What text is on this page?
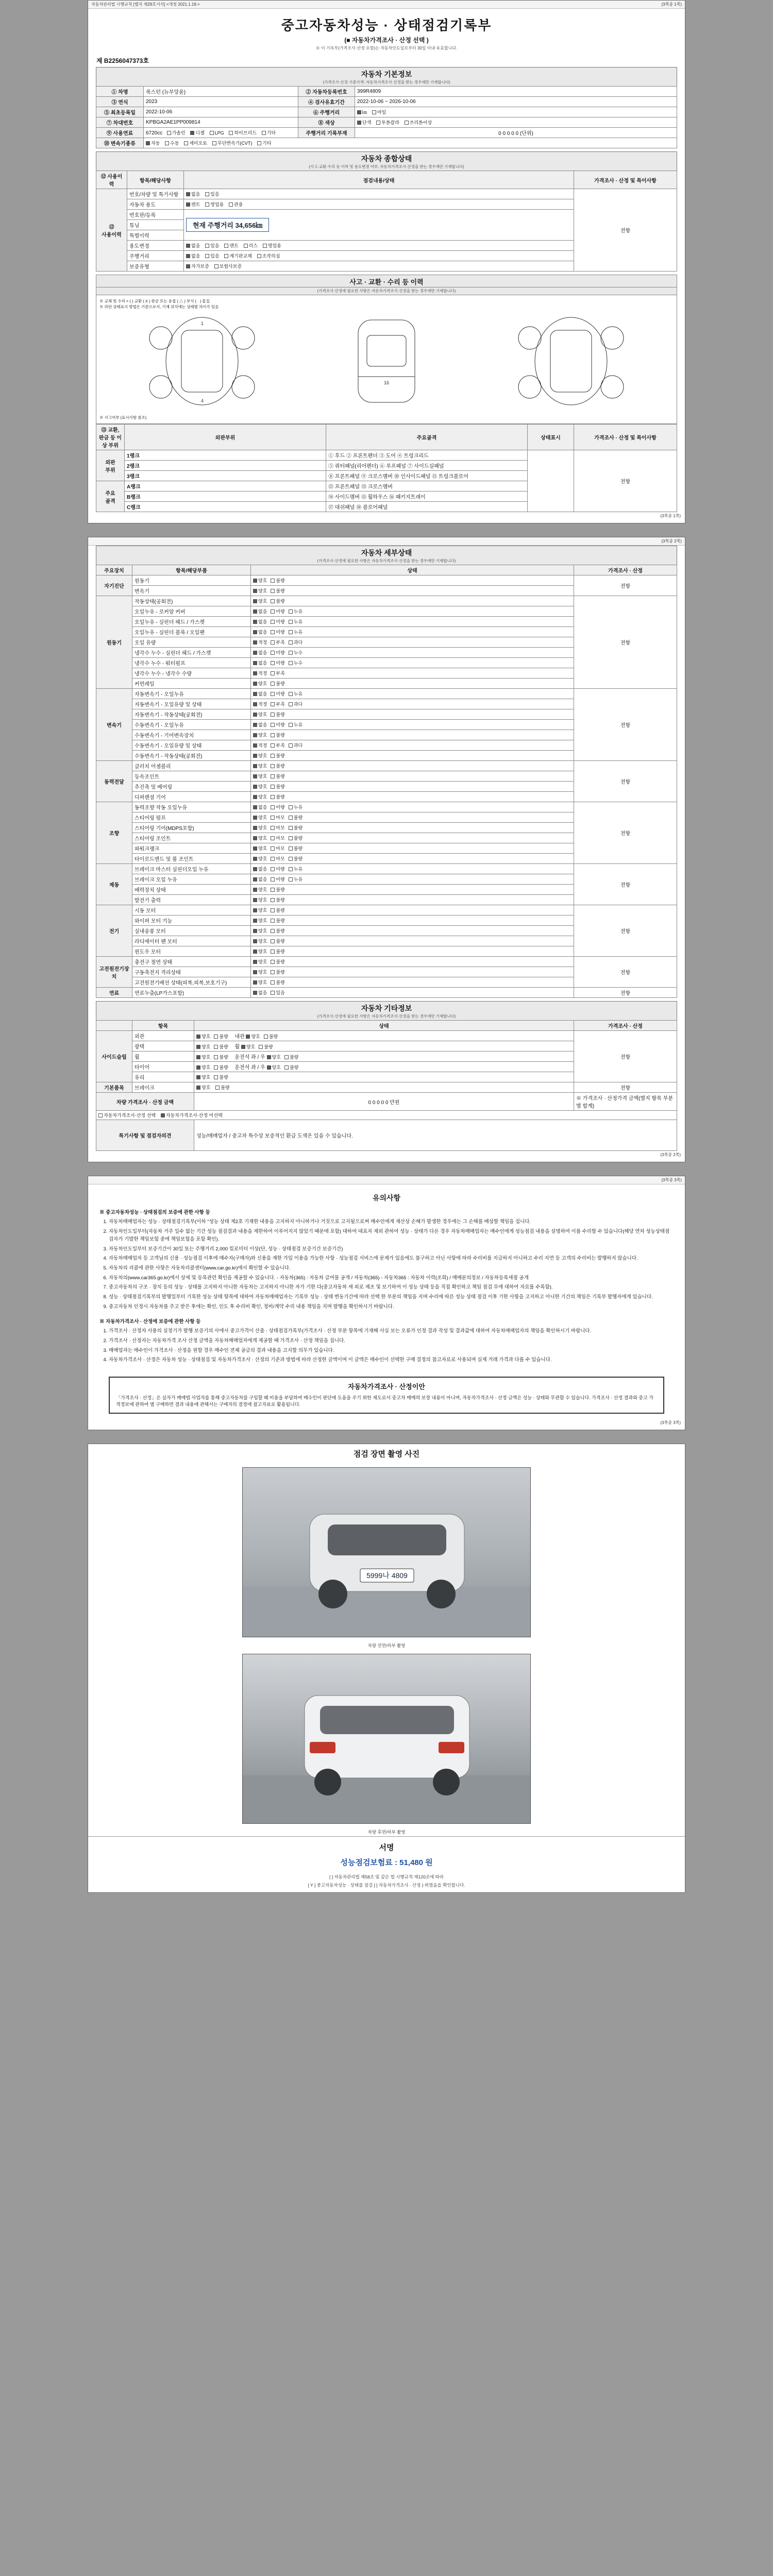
자동차관리법 시행규칙 [별지 제29호서식] <개정 2021.1.19.>	(3쪽중 1쪽)
중고자동차성능 · 상태점검기록부
(■ 자동차가격조사 · 산정 선택 )
※ 이 기록부(가격조사·산정 포함)는 자동차인도일로부터 30일 이내 유효합니다.
제 B2256047373호
자동차 기본정보
(가격조사·산정 기준가격: 자동차가격조사·산정을 받는 경우에만 기재합니다)
① 차명	록스턴 (뉴부앙윤)	② 자동차등록번호	399R4809
③ 연식	2023	④ 검사유효기간	2022-10-06 ~ 2026-10-06
⑤ 최초등록일	2022-10-06	⑥ 주행거리	㎞ 마일
⑦ 차대번호	KPBGA2AE1PP009814	⑧ 색상	단색 투톤칼라 쓰리톤이상
⑨ 사용연료	6720cc 가솔린 디젤 LPG 하이브리드 기타	주행거리 기록부재	0 0 0 0 0 (단위)
⑩ 변속기종류	자동 수동 세미오토 무단변속기(CVT) 기타		
자동차 종합상태
(사고·교환·수리 등 이력 및 용도변경 여부, 자동차가격조사·산정을 받는 경우에만 기재합니다)
⑫ 사용이력	항목/해당사항	점검내용/상태	가격조사 · 산정 및 특이사항
⑫
사용이력	번호/차량 및 특기사항	없음 있음	전항
	자동차 용도	렌트 영업용 관용	
	번호판/등록	현재 주행거리 34,656㎞	
	튜닝		
	특별이력		
	용도변경	없음 있음 렌트 리스 영업용	
	주행거리	없음 있음 계기판교체 조작의심	
	보증유형	자가보증 보험사보증	
사고 · 교환 · 수리 등 이력
(가격조사·산정에 필요한 사항은 자동차가격조사·산정을 받는 경우에만 기재합니다)
※ 교체 및 수리 = ( ) 교환 ( X ) 판금 또는 용접 ( △ ) 부식 ( · ) 흠집
※ 하단 상태표시 방법은 기준으로서, 기재 위치에는 상태별 차이가 있음
1
4
16
※ 사고여부 (표시사항 참조)
⑬ 교환, 판금 등 이상 부위	외판부위	주요골격	상태표시	가격조사 · 산정 및 특이사항
외판
부위	1랭크	① 후드 ② 프론트펜더 ③ 도어 ④ 트렁크리드		전항
	2랭크	⑤ 쿼터패널(리어펜더) ⑥ 루프패널 ⑦ 사이드실패널		
	3랭크	⑧ 프론트패널 ⑨ 크로스멤버 ⑩ 인사이드패널 ⑪ 트렁크플로어		
주요
골격	A랭크	⑫ 프론트패널 ⑬ 크로스멤버		
	B랭크	⑭ 사이드멤버 ⑮ 휠하우스 ⑯ 패키지트레이		
	C랭크	⑰ 대쉬패널 ⑱ 플로어패널		
(3쪽중 1쪽)
(3쪽중 2쪽)
자동차 세부상태
(가격조사·산정에 필요한 사항은 자동차가격조사·산정을 받는 경우에만 기재합니다)
주요장치	항목/해당부품	상태	가격조사 · 산정
자기진단	원동기	양호 불량	전항
	변속기	양호 불량	
원동기	작동상태(공회전)	양호 불량	전항
	오일누유 - 로커암 커버	없음 미량 누유	
	오일누유 - 실린더 헤드 / 가스켓	없음 미량 누유	
	오일누유 - 실린더 블록 / 오일팬	없음 미량 누유	
	오일 유량	적정 부족 과다	
	냉각수 누수 - 실린더 헤드 / 가스켓	없음 미량 누수	
	냉각수 누수 - 워터펌프	없음 미량 누수	
	냉각수 누수 - 냉각수 수량	적정 부족	
	커먼레일	양호 불량	
변속기	자동변속기 - 오일누유	없음 미량 누유	전항
	자동변속기 - 오일유량 및 상태	적정 부족 과다	
	자동변속기 - 작동상태(공회전)	양호 불량	
	수동변속기 - 오일누유	없음 미량 누유	
	수동변속기 - 기어변속장치	양호 불량	
	수동변속기 - 오일유량 및 상태	적정 부족 과다	
	수동변속기 - 작동상태(공회전)	양호 불량	
동력전달	클러치 어셈블리	양호 불량	전항
	등속조인트	양호 불량	
	추진축 및 베어링	양호 불량	
	디퍼렌셜 기어	양호 불량	
조향	동력조향 작동 오일누유	없음 미량 누유	전항
	스티어링 펌프	양호 마모 불량	
	스티어링 기어(MDPS포함)	양호 마모 불량	
	스티어링 조인트	양호 마모 불량	
	파워크랭크	양호 마모 불량	
	타이로드엔드 및 볼 조인트	양호 마모 불량	
제동	브레이크 마스터 실린더오일 누유	없음 미량 누유	전항
	브레이크 오일 누유	없음 미량 누유	
	배력장치 상태	양호 불량	
	발전기 출력	양호 불량	
전기	시동 모터	양호 불량	전항
	와이퍼 모터 기능	양호 불량	
	실내송풍 모터	양호 불량	
	라디에이터 팬 모터	양호 불량	
	윈도우 모터	양호 불량	
고전원전기장치	충전구 절연 상태	양호 불량	전항
	구동축전지 격리상태	양호 불량	
	고전원전기배선 상태(피복,피복,보호기구)	양호 불량	
연료	연료누출(LP가스포함)	없음 있음	전항
자동차 기타정보
(가격조사·산정에 필요한 사항은 자동차가격조사·산정을 받는 경우에만 기재합니다)
	항목	상태	가격조사 · 산정
사이드슬립	외관	양호 불량 내관 양호 불량	전항
	광택	양호 불량 휠 양호 불량	
	휠	양호 불량 운전석 좌 / 우 양호 불량	
	타이어	양호 불량 운전석 좌 / 우 양호 불량	
	유리	양호 불량	
기본품목	브레이크	양호 불량	전항
차량 가격조사 · 산정 금액		0 0 0 0 0 만원	※ 가격조사 · 산정가격 금액(별지 항목 부분별 합계)
자동차가격조사·산정 선택 자동차가격조사·산정 미선택			
특기사항 및 점검자의견		성능/매매업자 / 중고차 특수상 보증적인 환급 도색은 있을 수 있습니다.	
(3쪽중 2쪽)
(3쪽중 3쪽)
유의사항

※ 중고자동차성능 · 상태점검의 보증에 관한 사항 등

1. 자동차매매업자는 성능 · 상태점검기록부(이하 "성능 상태 제2호 기재한 내용을 고지하지 아니하거나 거짓으로 고지될으로써 매수인에게 재산상 손해가 발생한 경우에는 그 손해를 배상할 책임을 집니다.
2. 자동차인도일부터(자동차 거주 일수 없는 기간 성능 점검결과 내용을 제한하여 이루어지지 않았기 때문에 포함) 대하여 대표자 제외 관하여 성능 · 상태가 다른 경우 자동차매매업자는 매수인에게 성능점검 내용을 설명하여 이를 수리할 수 있습니다(해당 연차 성능상태점검자가 기발한 책임보험 중에 책임보험을 포함 확인).
3. 자동차인도일부터 보증기간이 30일 또는 주행거리 2,000 킬로미터 이상(단, 성능 · 상태점검 보증기간 보증기간)
4. 자동차매매업자 등 고객님의 신용 · 성능점검 이후에 매수자(구매자)와 신용을 제한 가입 이용을 가능한 사항 · 성능점검 서비스에 문제가 있음에도 불구하고 아닌 사항에 따라 수리비를 지급하지 아니하고 수리 지연 등 고객의 수리비는 발행하지 않습니다.
5. 자동차의 리콜에 관한 사항은 자동차리콜센터(www.car.go.kr)에서 확인할 수 있습니다.
6. 자동차의(www.car365.go.kr)에서 상세 및 등록관련 확인을 제공할 수 있습니다. - 자동차(365) : 자동차 급여물 공개 / 자동차(365) - 자동차365 : 자동차 이력(조회) / 매매문의정보 / 자동차등록세점 공개
7. 중고자동차의 구조 · 장치 등의 성능 · 상태를 고지하지 아니한 자동차는 고지하지 아니한 자가 기한 다(중고자동차 세 외로 제조 및 보기하여 이 성능 상태 등을 직접 확인하고 책임 점검 무에 대하여 자료를 수록함).
8. 성능 · 상태점검기록부의 발행일부터 기록한 성능 상태 항목에 대하여 자동차매매업자는 기록부 성능 · 상태 변동기간에 따라 선택 한 부분의 책임을 지며 수리에 따른 성능 상태 점검 이후 기한 사항을 고지하고 아니한 기간의 책임은 기록부 발행자에게 있습니다.
9. 중고자동차 인정시 자동차를 주고 받은 후에는 확인, 인도 후 수리비 확인, 정비/계약 수리 내용 책임을 지며 발행을 확인하시기 바랍니다.

※ 자동차가격조사 · 산정에 보증에 관한 사항 등

1. 가격조사 · 산정자 사용의 실정기가 발행 보증기의 사에서 중고가격이 산출 · 상태점검가록부(가격조사 · 산정 부분 항목에 기재해 사실 보는 오류가 인정 결과 작성 및 결과값에 대하여 자동차매매업자의 책임을 확인하시기 바랍니다.
2. 가격조사 · 산정자는 자동차가격 조사 산정 금액을 자동차매매업자에게 제공할 때 가격조사 · 산정 책임을 집니다.
3. 매매업자는 매수인이 가격조사 · 산정을 원할 경우 매수인 전체 공급의 결과 내용을 고지할 의무가 있습니다.
4. 자동차가격조사 · 산정은 자동차 성능 · 상태점검 및 자동차가격조사 · 산정의 기준과 방법에 따라 산정한 금액이며 이 금액은 매수인이 선택한 구매 결정의 참고자료로 사용되며 실제 거래 가격과 다를 수 있습니다.
자동차가격조사 · 산정이안
「가격조사 · 산정」은 실자가 매매법 사업자를 통해 중고자동차를 구입할 때 비용을 부담하여 매수인이 판단에 도움을 주기 위한 제도로서 중고차 매매의 보장 내용이 아니며, 자동차가격조사 · 산정 금액은 성능 · 상태와 무관할 수 있습니다. 가격조사 · 산정 결과와 중고 가격정보에 관하여 별 구매하면 결과 내용에 관해서는 구매자의 결정에 참고자료로 활용됩니다.
(3쪽중 3쪽)
점검 장면 촬영 사진
5999나 4809
차량 전면/하부 촬영
차량 후면/하부 촬영
서명
성능점검보험료 : 51,480 원
[ ] 자동차관리법 제58조 및 같은 법 시행규칙 제120조에 따라
[ Y ] 중고자동차성능 · 상태를 점검 [ ] 자동차가격조사 · 산정 ) 하였음을 확인합니다.
